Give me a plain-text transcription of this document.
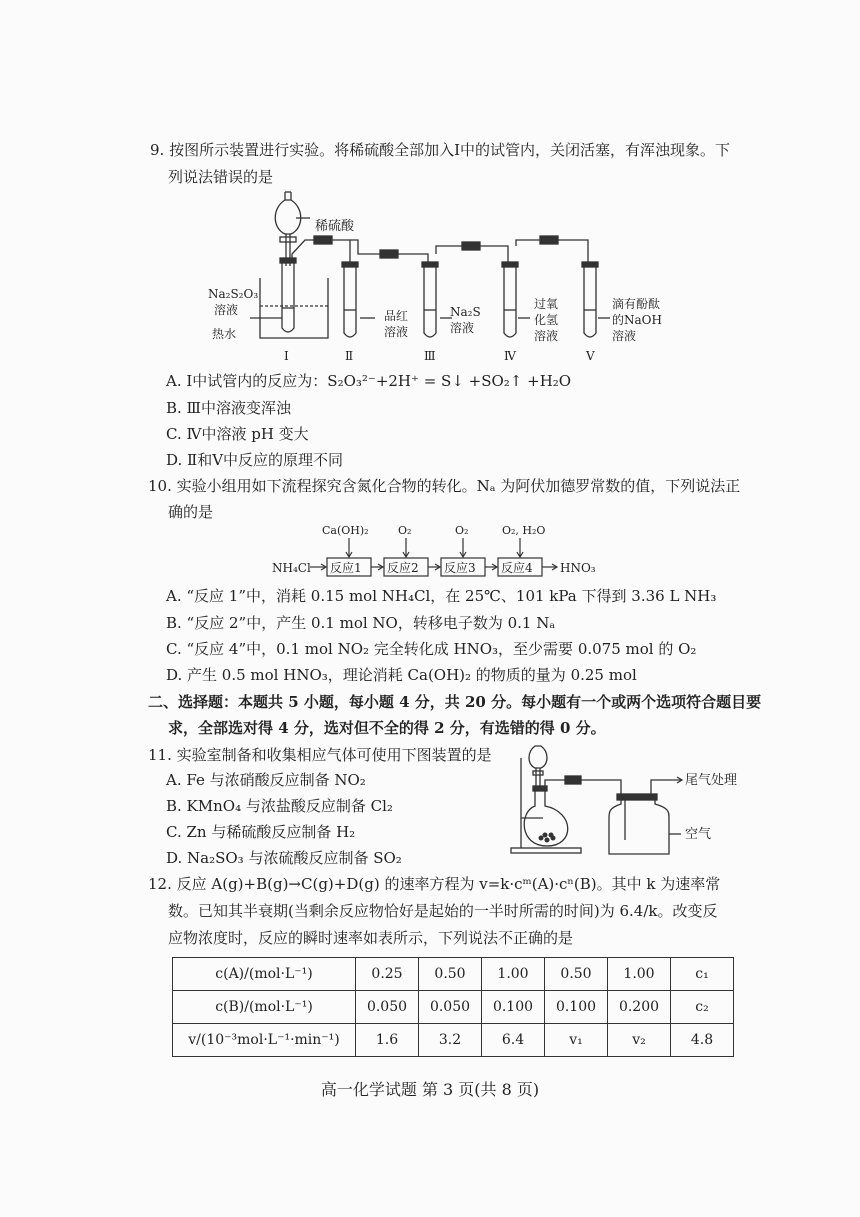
9. 按图所示装置进行实验。将稀硫酸全部加入Ⅰ中的试管内，关闭活塞，有浑浊现象。下
列说法错误的是
稀硫酸
Na₂S₂O₃
溶液
热水
品红
溶液
Na₂S
溶液
过氧
化氢
溶液
滴有酚酞
的NaOH
溶液
Ⅰ	Ⅱ	Ⅲ	Ⅳ	Ⅴ
A. Ⅰ中试管内的反应为：S₂O₃²⁻+2H⁺ = S↓ +SO₂↑ +H₂O
B. Ⅲ中溶液变浑浊
C. Ⅳ中溶液 pH 变大
D. Ⅱ和Ⅴ中反应的原理不同
10. 实验小组用如下流程探究含氮化合物的转化。Nₐ 为阿伏加德罗常数的值，下列说法正
确的是
NH₄Cl	HNO₃
反应1 反应2 反应3 反应4
Ca(OH)₂	O₂	O₂	O₂, H₂O
A. “反应 1”中，消耗 0.15 mol NH₄Cl，在 25℃、101 kPa 下得到 3.36 L NH₃
B. “反应 2”中，产生 0.1 mol NO，转移电子数为 0.1 Nₐ
C. “反应 4”中，0.1 mol NO₂ 完全转化成 HNO₃，至少需要 0.075 mol 的 O₂
D. 产生 0.5 mol HNO₃，理论消耗 Ca(OH)₂ 的物质的量为 0.25 mol
二、选择题：本题共 5 小题，每小题 4 分，共 20 分。每小题有一个或两个选项符合题目要
求，全部选对得 4 分，选对但不全的得 2 分，有选错的得 0 分。
11. 实验室制备和收集相应气体可使用下图装置的是
A. Fe 与浓硝酸反应制备 NO₂
B. KMnO₄ 与浓盐酸反应制备 Cl₂
C. Zn 与稀硫酸反应制备 H₂
D. Na₂SO₃ 与浓硫酸反应制备 SO₂
尾气处理
空气
12. 反应 A(g)+B(g)→C(g)+D(g) 的速率方程为 v=k·cᵐ(A)·cⁿ(B)。其中 k 为速率常
数。已知其半衰期(当剩余反应物恰好是起始的一半时所需的时间)为 6.4/k。改变反
应物浓度时，反应的瞬时速率如表所示，下列说法不正确的是
c(A)/(mol·L⁻¹)	0.25	0.50	1.00	0.50	1.00	c₁
c(B)/(mol·L⁻¹)	0.050	0.050	0.100	0.100	0.200	c₂
v/(10⁻³mol·L⁻¹·min⁻¹)	1.6	3.2	6.4	v₁	v₂	4.8
高一化学试题 第 3 页(共 8 页)
